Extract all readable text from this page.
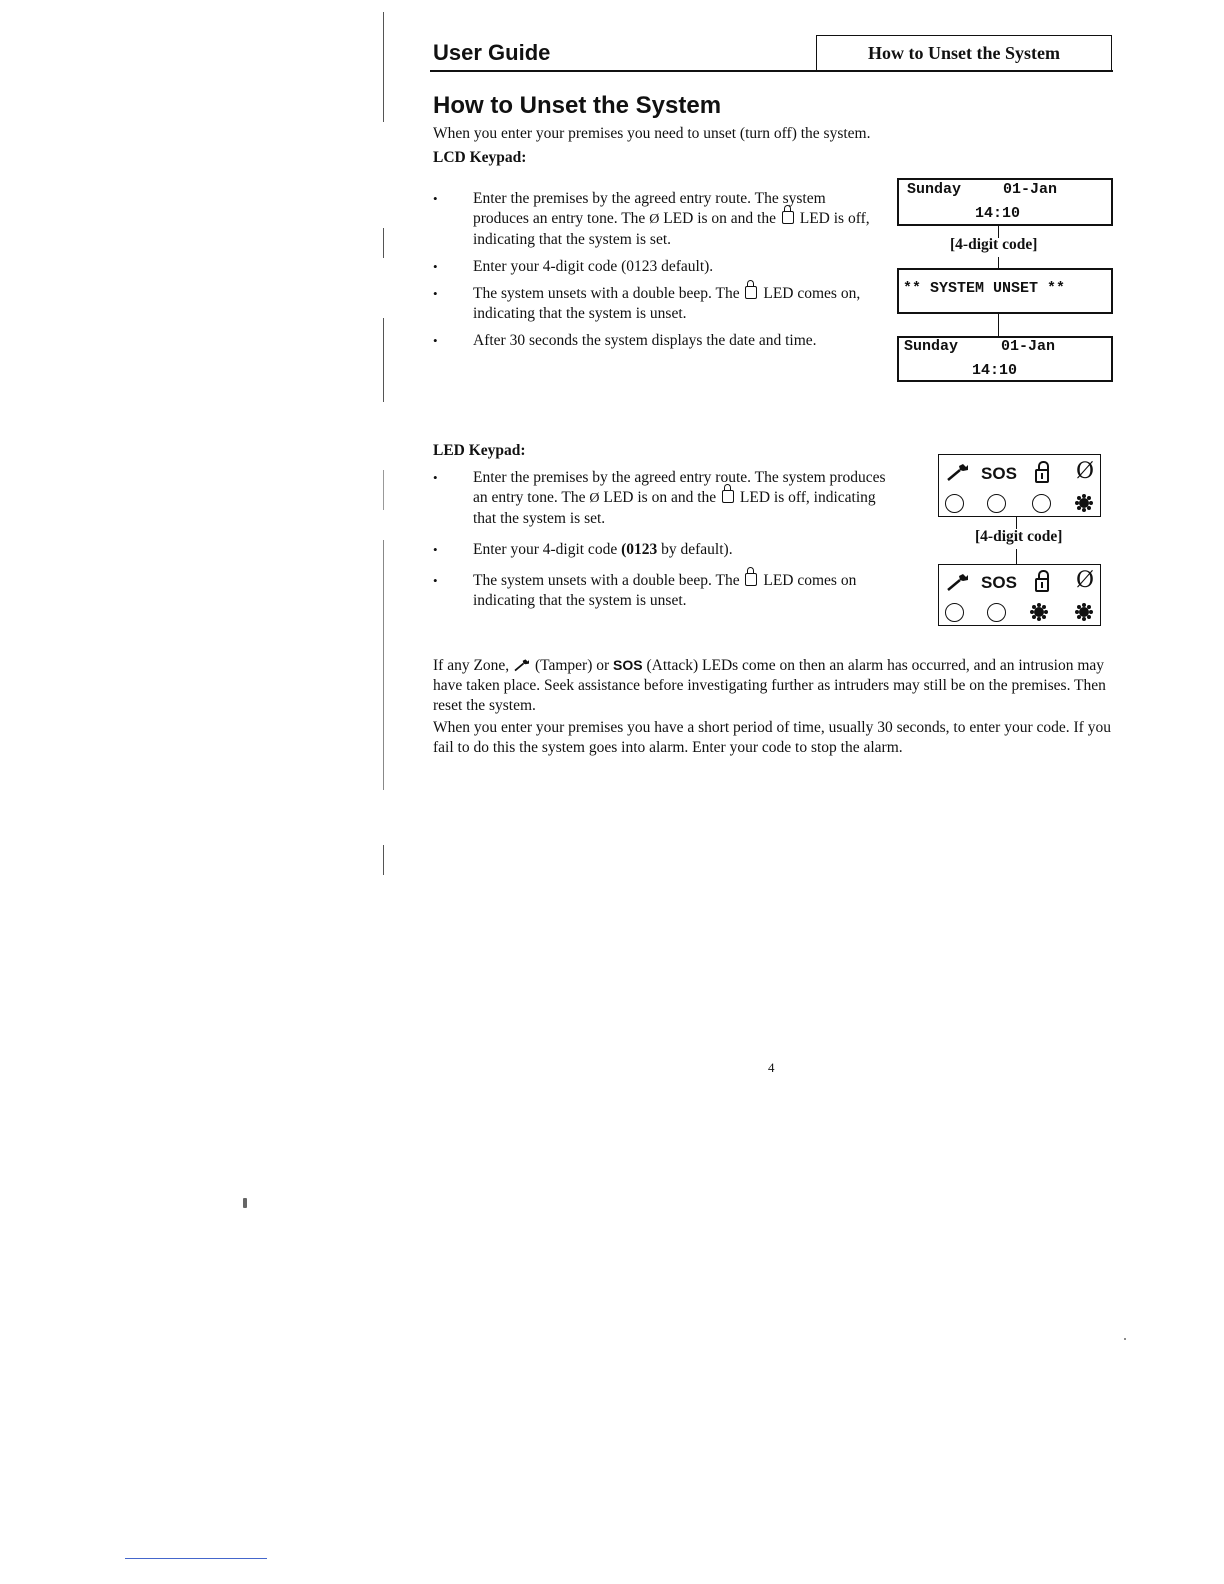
User Guide	How to Unset the System
How to Unset the System
When you enter your premises you need to unset (turn off) the system.
LCD Keypad:
• Enter the premises by the agreed entry route. The system produces an entry tone. The Ø LED is on and the LED is off, indicating that the system is set.
• Enter your 4-digit code (0123 default).
• The system unsets with a double beep. The LED comes on, indicating that the system is unset.
• After 30 seconds the system displays the date and time.
Sunday	01-Jan
14:10
[4-digit code]
** SYSTEM UNSET **
Sunday	01-Jan
14:10
LED Keypad:
• Enter the premises by the agreed entry route. The system produces an entry tone. The Ø LED is on and the LED is off, indicating that the system is set.
• Enter your 4-digit code (0123 by default).
• The system unsets with a double beep. The LED comes on indicating that the system is unset.
SOS	Ø
[4-digit code]
SOS	Ø
If any Zone, (Tamper) or SOS (Attack) LEDs come on then an alarm has occurred, and an intrusion may have taken place. Seek assistance before investigating further as intruders may still be on the premises. Then reset the system.
When you enter your premises you have a short period of time, usually 30 seconds, to enter your code. If you fail to do this the system goes into alarm. Enter your code to stop the alarm.
4
